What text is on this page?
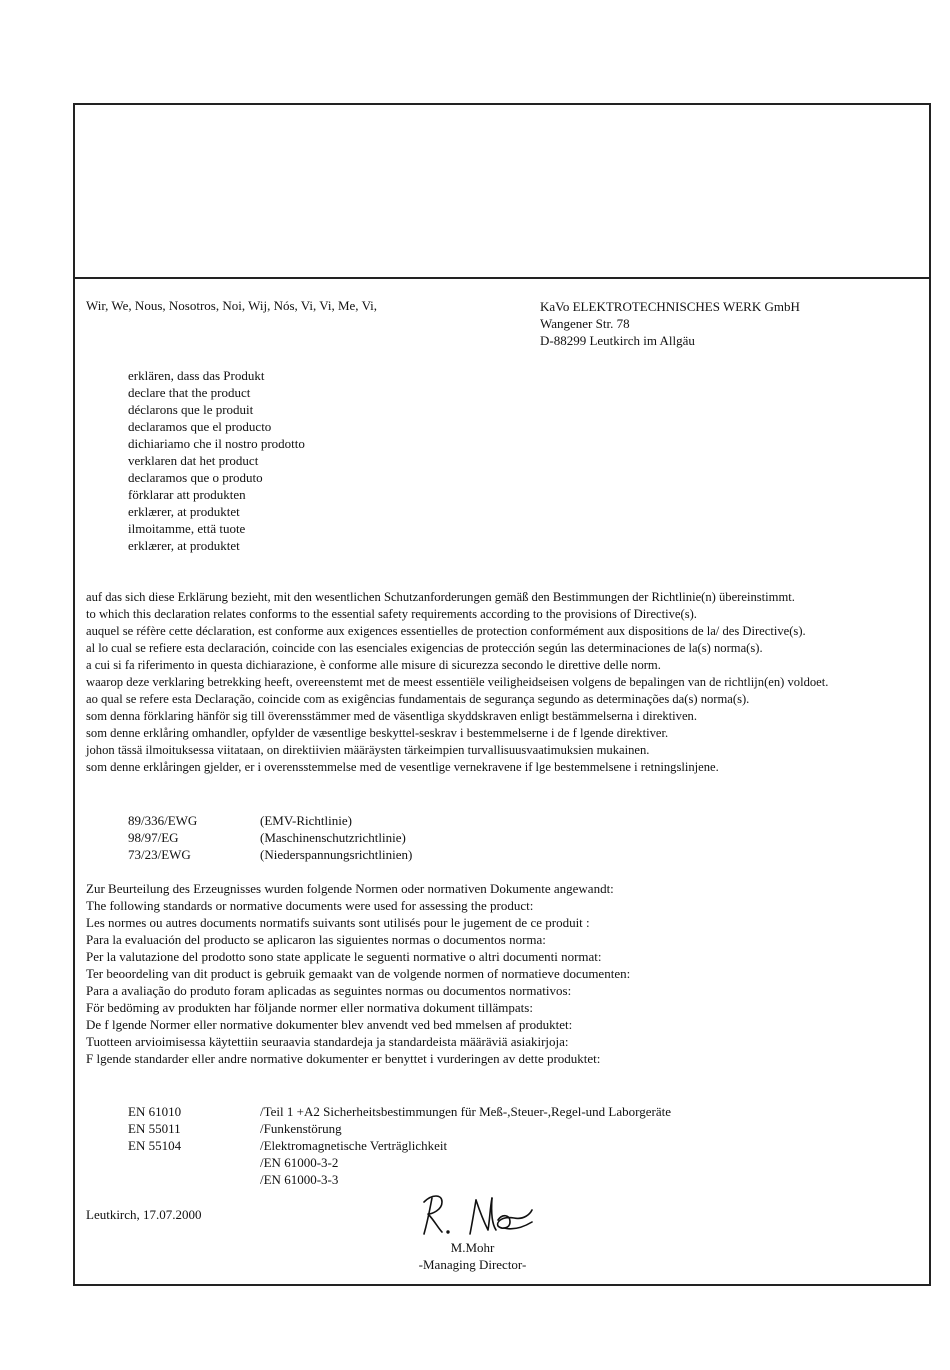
Wir, We, Nous, Nosotros, Noi, Wij, Nós, Vi, Vi, Me, Vi,	KaVo ELEKTROTECHNISCHES WERK GmbH
Wangener Str. 78
D-88299 Leutkirch im Allgäu
erklären, dass das Produkt
declare that the product
déclarons que le produit
declaramos que el producto
dichiariamo che il nostro prodotto
verklaren dat het product
declaramos que o produto
förklarar att produkten
erklærer, at produktet
ilmoitamme, että tuote
erklærer, at produktet
auf das sich diese Erklärung bezieht, mit den wesentlichen Schutzanforderungen gemäß den Bestimmungen der Richtlinie(n) übereinstimmt.
to which this declaration relates conforms to the essential safety requirements according to the provisions of Directive(s).
auquel se réfère cette déclaration, est conforme aux exigences essentielles de protection conformément aux dispositions de la/ des Directive(s).
al lo cual se refiere esta declaración, coincide con las esenciales exigencias de protección según las determinaciones de la(s) norma(s).
a cui si fa riferimento in questa dichiarazione, è conforme alle misure di sicurezza secondo le direttive delle norm.
waarop deze verklaring betrekking heeft, overeenstemt met de meest essentiële veiligheidseisen volgens de bepalingen van de richtlijn(en) voldoet.
ao qual se refere esta Declaração, coincide com as exigências fundamentais de segurança segundo as determinações da(s) norma(s).
som denna förklaring hänför sig till överensstämmer med de väsentliga skyddskraven enligt bestämmelserna i direktiven.
som denne erklåring omhandler, opfylder de væsentlige beskyttel-seskrav i bestemmelserne i de f lgende direktiver.
johon tässä ilmoituksessa viitataan, on direktiivien määräysten tärkeimpien turvallisuusvaatimuksien mukainen.
som denne erklåringen gjelder, er i overensstemmelse med de vesentlige vernekravene if lge bestemmelsene i retningslinjene.
89/336/EWG
98/97/EG
73/23/EWG
(EMV-Richtlinie)
(Maschinenschutzrichtlinie)
(Niederspannungsrichtlinien)
Zur Beurteilung des Erzeugnisses wurden folgende Normen oder normativen Dokumente angewandt:
The following standards or normative documents were used for assessing the product:
Les normes ou autres documents normatifs suivants sont utilisés pour le jugement de ce produit :
Para la evaluación del producto se aplicaron las siguientes normas o documentos norma:
Per la valutazione del prodotto sono state applicate le seguenti normative o altri documenti normat:
Ter beoordeling van dit product is gebruik gemaakt van de volgende normen of normatieve documenten:
Para a avaliação do produto foram aplicadas as seguintes normas ou documentos normativos:
För bedöming av produkten har följande normer eller normativa dokument tillämpats:
De f lgende Normer eller normative dokumenter blev anvendt ved bed mmelsen af produktet:
Tuotteen arvioimisessa käytettiin seuraavia standardeja ja standardeista määräviä asiakirjoja:
F lgende standarder eller andre normative dokumenter er benyttet i vurderingen av dette produktet:
EN 61010
EN 55011
EN 55104
/Teil 1 +A2 Sicherheitsbestimmungen für Meß-,Steuer-,Regel-und Laborgeräte
/Funkenstörung
/Elektromagnetische Verträglichkeit
/EN 61000-3-2
/EN 61000-3-3
Leutkirch, 17.07.2000
M.Mohr
-Managing Director-
